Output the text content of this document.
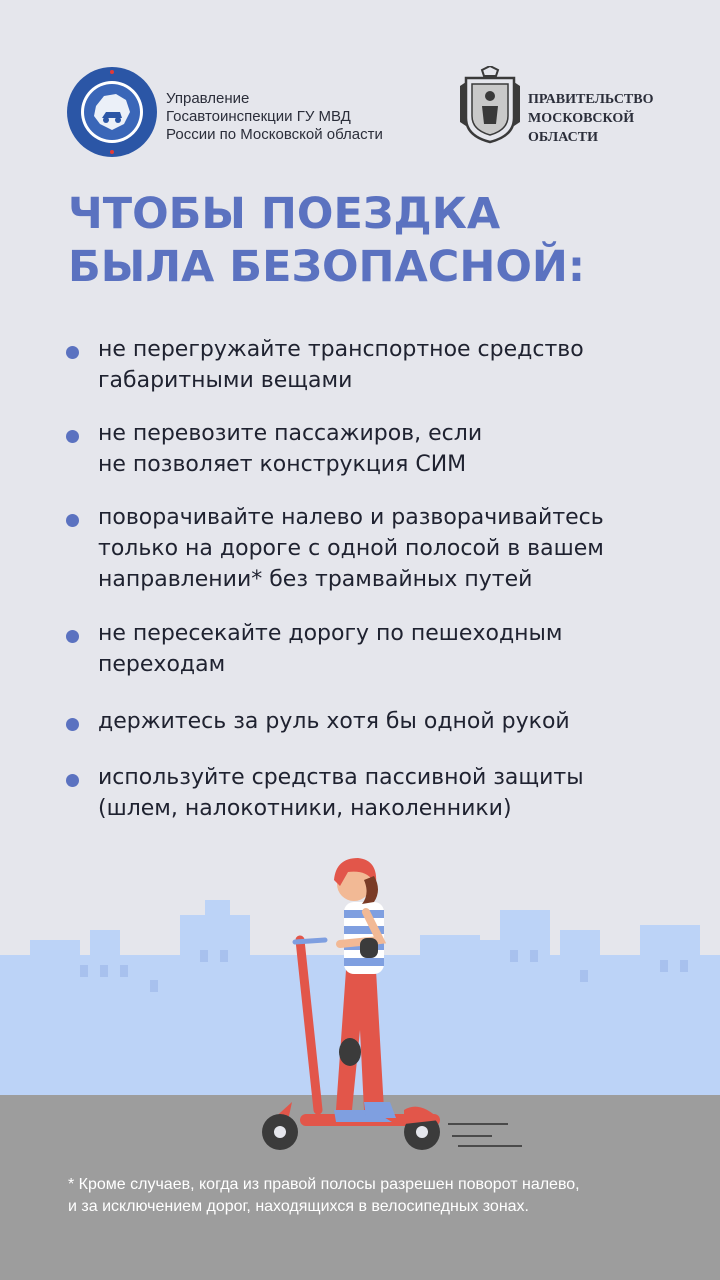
Управление
Госавтоинспекции ГУ МВД
России по Московской области
ПРАВИТЕЛЬСТВО
МОСКОВСКОЙ
ОБЛАСТИ
ЧТОБЫ ПОЕЗДКА
БЫЛА БЕЗОПАСНОЙ:
не перегружайте транспортное средство
габаритными вещами
не перевозите пассажиров, если
не позволяет конструкция СИМ
поворачивайте налево и разворачивайтесь
только на дороге с одной полосой в вашем
направлении* без трамвайных путей
не пересекайте дорогу по пешеходным
переходам
держитесь за руль хотя бы одной рукой
используйте средства пассивной защиты
(шлем, налокотники, наколенники)
* Кроме случаев, когда из правой полосы разрешен поворот налево,
и за исключением дорог, находящихся в велосипедных зонах.
